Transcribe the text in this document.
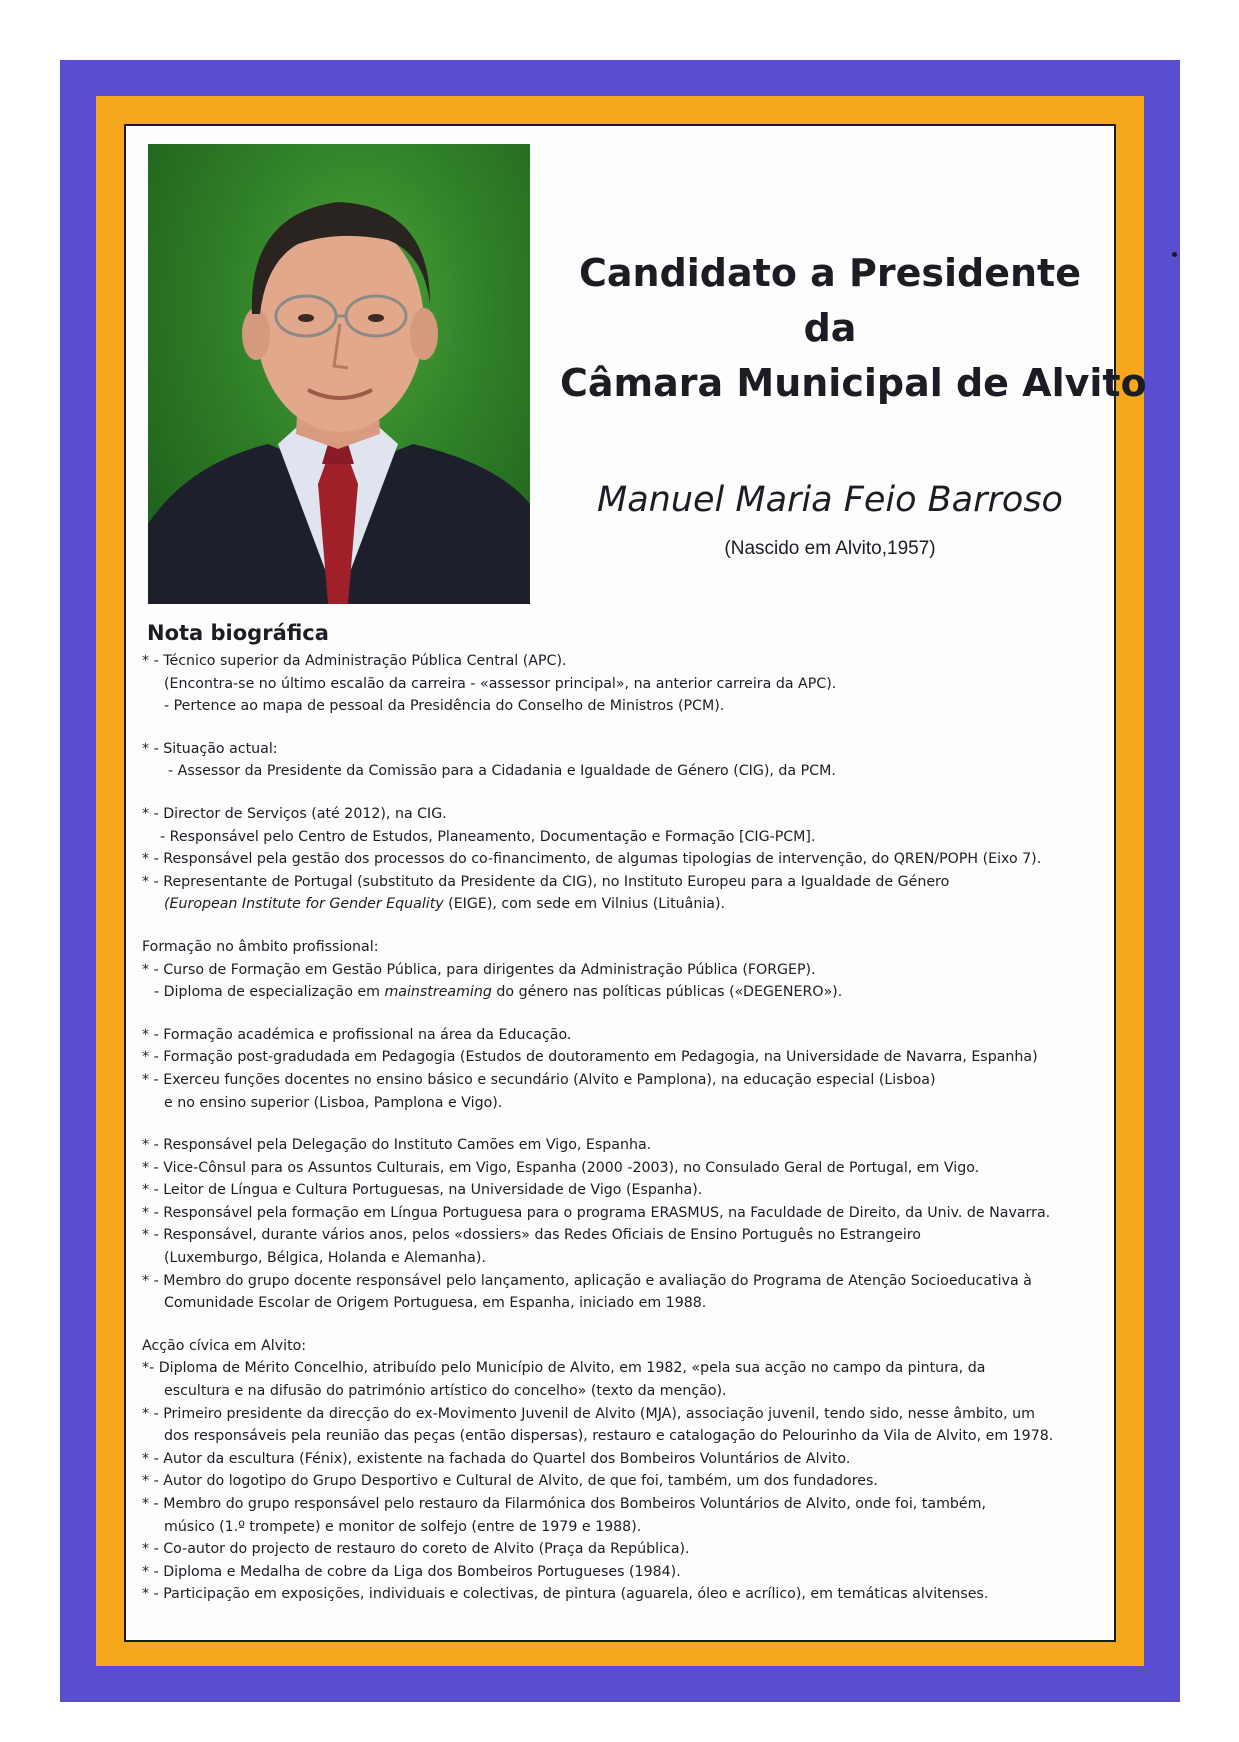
Candidato a Presidente
da
Câmara Municipal de Alvito
Manuel Maria Feio Barroso
(Nascido em Alvito,1957)
Nota biográfica
* - Técnico superior da Administração Pública Central (APC).
(Encontra-se no último escalão da carreira - «assessor principal», na anterior carreira da APC).
- Pertence ao mapa de pessoal da Presidência do Conselho de Ministros (PCM).
* - Situação actual:
- Assessor da Presidente da Comissão para a Cidadania e Igualdade de Género (CIG), da PCM.
* - Director de Serviços (até 2012), na CIG.
- Responsável pelo Centro de Estudos, Planeamento, Documentação e Formação [CIG-PCM].
* - Responsável pela gestão dos processos do co-financimento, de algumas tipologias de intervenção, do QREN/POPH (Eixo 7).
* - Representante de Portugal (substituto da Presidente da CIG), no Instituto Europeu para a Igualdade de Género
(European Institute for Gender Equality (EIGE), com sede em Vilnius (Lituânia).
Formação no âmbito profissional:
* - Curso de Formação em Gestão Pública, para dirigentes da Administração Pública (FORGEP).
- Diploma de especialização em mainstreaming do género nas políticas públicas («DEGENERO»).
* - Formação académica e profissional na área da Educação.
* - Formação post-gradudada em Pedagogia (Estudos de doutoramento em Pedagogia, na Universidade de Navarra, Espanha)
* - Exerceu funções docentes no ensino básico e secundário (Alvito e Pamplona), na educação especial (Lisboa)
e no ensino superior (Lisboa, Pamplona e Vigo).
* - Responsável pela Delegação do Instituto Camões em Vigo, Espanha.
* - Vice-Cônsul para os Assuntos Culturais, em Vigo, Espanha (2000 -2003), no Consulado Geral de Portugal, em Vigo.
* - Leitor de Língua e Cultura Portuguesas, na Universidade de Vigo (Espanha).
* - Responsável pela formação em Língua Portuguesa para o programa ERASMUS, na Faculdade de Direito, da Univ. de Navarra.
* - Responsável, durante vários anos, pelos «dossiers» das Redes Oficiais de Ensino Português no Estrangeiro
(Luxemburgo, Bélgica, Holanda e Alemanha).
* - Membro do grupo docente responsável pelo lançamento, aplicação e avaliação do Programa de Atenção Socioeducativa à
Comunidade Escolar de Origem Portuguesa, em Espanha, iniciado em 1988.
Acção cívica em Alvito:
*- Diploma de Mérito Concelhio, atribuído pelo Município de Alvito, em 1982, «pela sua acção no campo da pintura, da
escultura e na difusão do património artístico do concelho» (texto da menção).
* - Primeiro presidente da direcção do ex-Movimento Juvenil de Alvito (MJA), associação juvenil, tendo sido, nesse âmbito, um
dos responsáveis pela reunião das peças (então dispersas), restauro e catalogação do Pelourinho da Vila de Alvito, em 1978.
* - Autor da escultura (Fénix), existente na fachada do Quartel dos Bombeiros Voluntários de Alvito.
* - Autor do logotipo do Grupo Desportivo e Cultural de Alvito, de que foi, também, um dos fundadores.
* - Membro do grupo responsável pelo restauro da Filarmónica dos Bombeiros Voluntários de Alvito, onde foi, também,
músico (1.º trompete) e monitor de solfejo (entre de 1979 e 1988).
* - Co-autor do projecto de restauro do coreto de Alvito (Praça da República).
* - Diploma e Medalha de cobre da Liga dos Bombeiros Portugueses (1984).
* - Participação em exposições, individuais e colectivas, de pintura (aguarela, óleo e acrílico), em temáticas alvitenses.
